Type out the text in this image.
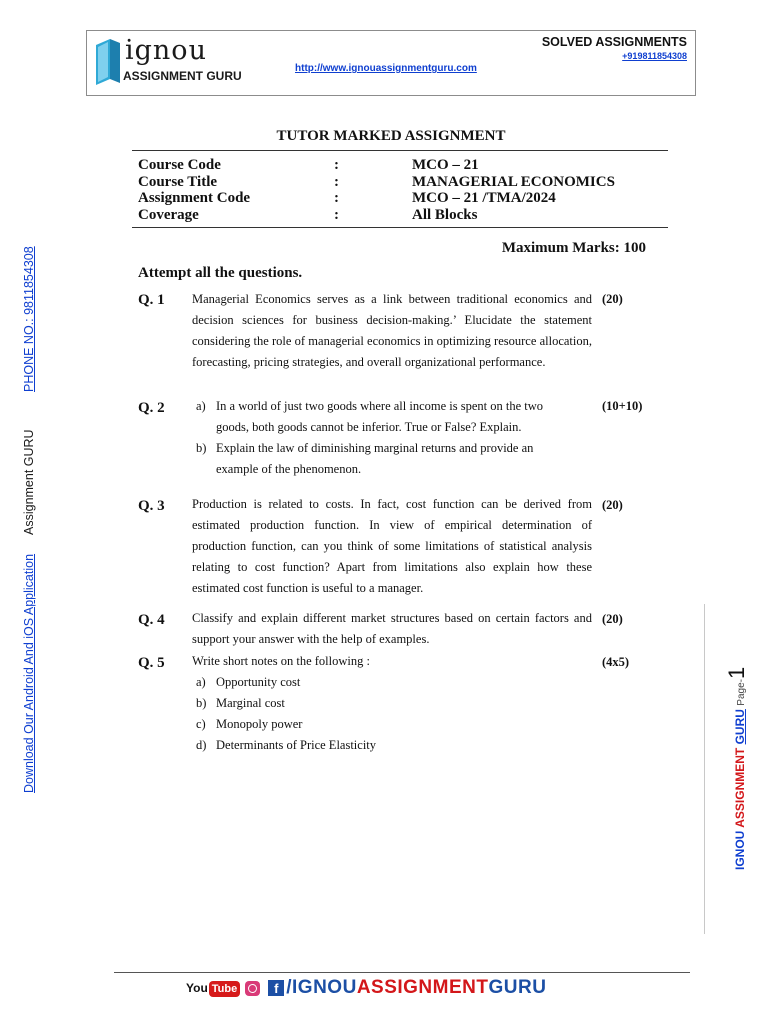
ignou
ASSIGNMENT GURU
http://www.ignouassignmentguru.com
SOLVED ASSIGNMENTS
+919811854308
TUTOR MARKED ASSIGNMENT
Course Code	:	MCO – 21
Course Title	:	MANAGERIAL ECONOMICS
Assignment Code	:	MCO – 21 /TMA/2024
Coverage	:	All Blocks
Maximum Marks: 100
Attempt all the questions.
Q. 1	(20)
Managerial Economics serves as a link between traditional economics and decision sciences for business decision-making.’ Elucidate the statement considering the role of managerial economics in optimizing resource allocation, forecasting, pricing strategies, and overall organizational performance.
Q. 2	(10+10)
a) In a world of just two goods where all income is spent on the two goods, both goods cannot be inferior. True or False? Explain.
b) Explain the law of diminishing marginal returns and provide an example of the phenomenon.
Q. 3	(20)
Production is related to costs. In fact, cost function can be derived from estimated production function. In view of empirical determination of production function, can you think of some limitations of statistical analysis relating to cost function? Apart from limitations also explain how these estimated cost function is useful to a manager.
Q. 4	(20)
Classify and explain different market structures based on certain factors and support your answer with the help of examples.
Q. 5	(4x5)
Write short notes on the following :
a) Opportunity cost
b) Marginal cost
c) Monopoly power
d) Determinants of Price Elasticity
PHONE NO.: 9811854308
Assignment GURU
Download Our Android And iOS Application
IGNOU ASSIGNMENT GURU Page-1
You Tube	f /IGNOUASSIGNMENTGURU
